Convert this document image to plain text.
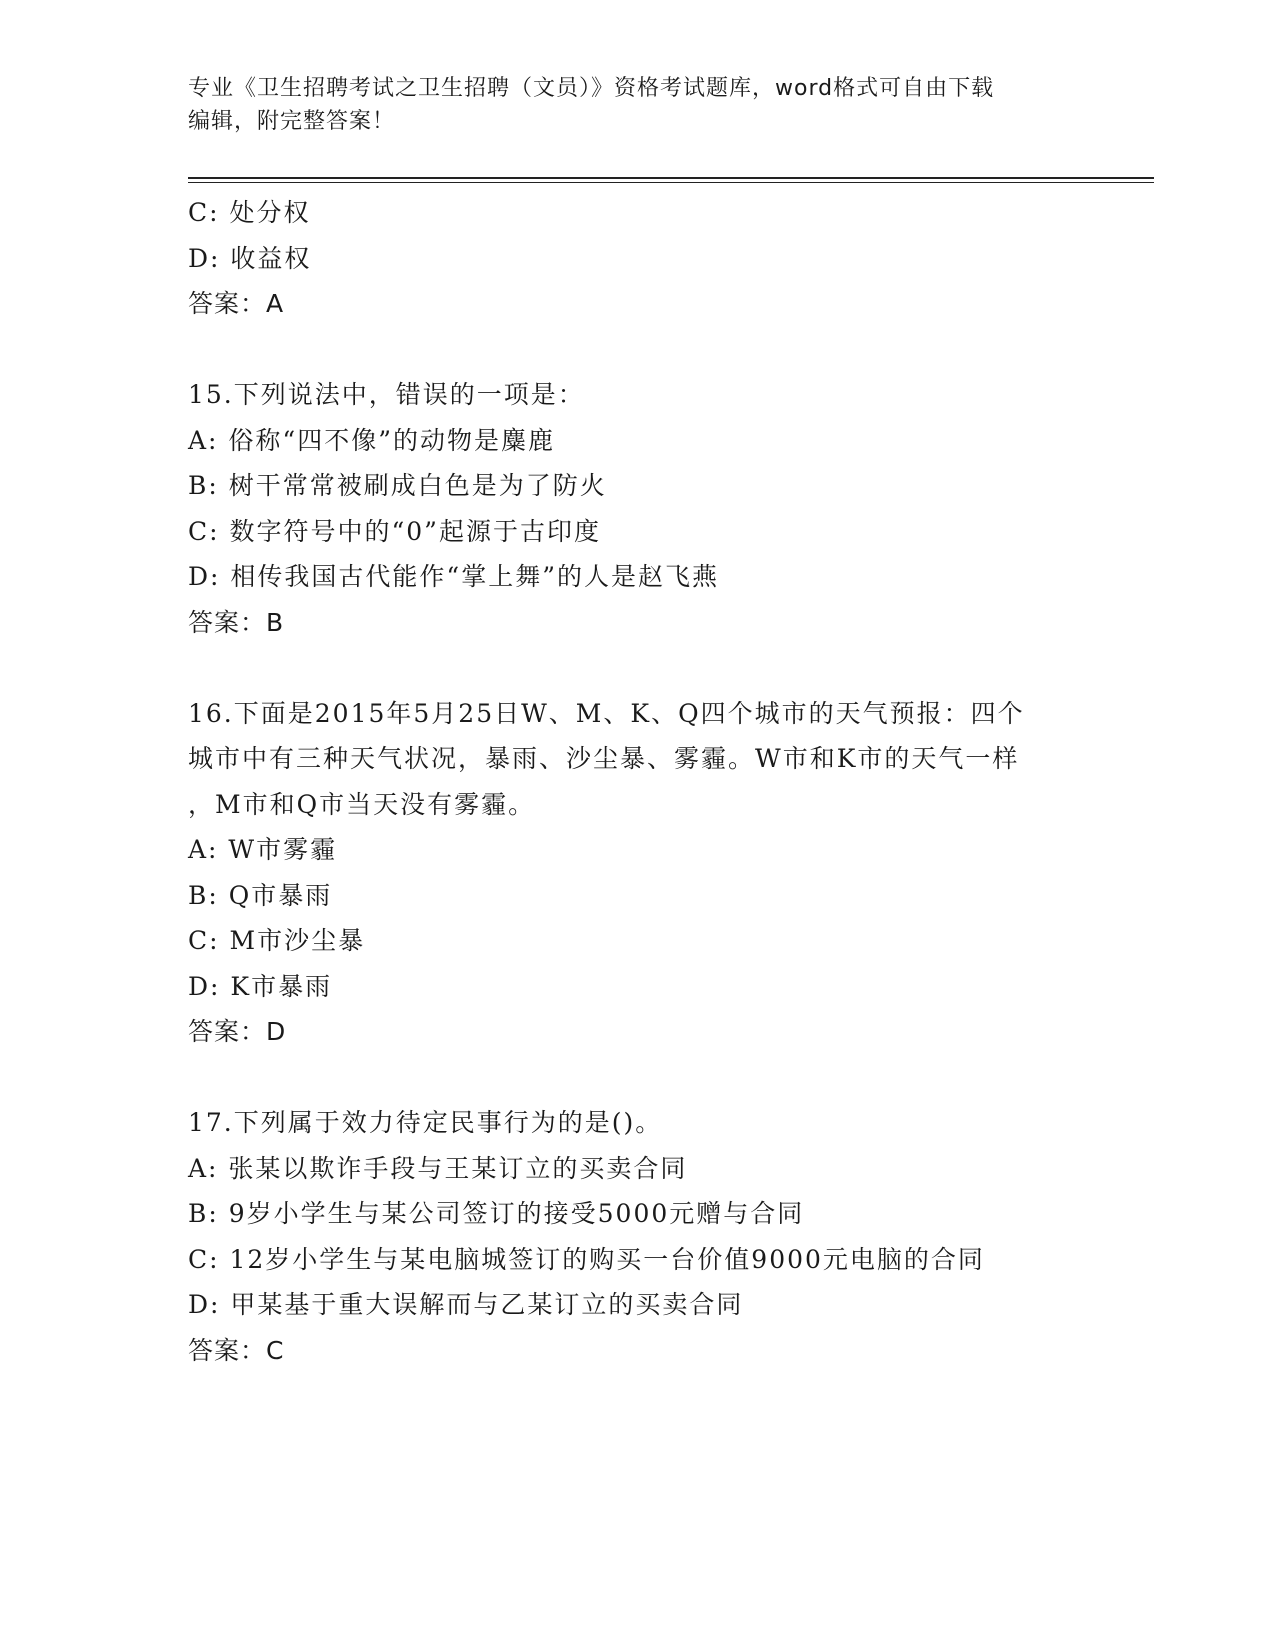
专业《卫生招聘考试之卫生招聘（文员）》资格考试题库，word格式可自由下载
编辑，附完整答案！
C: 处分权
D: 收益权
答案：A
15.下列说法中，错误的一项是：
A: 俗称“四不像”的动物是麋鹿
B: 树干常常被刷成白色是为了防火
C: 数字符号中的“0”起源于古印度
D: 相传我国古代能作“掌上舞”的人是赵飞燕
答案：B
16.下面是2015年5月25日W、M、K、Q四个城市的天气预报：四个
城市中有三种天气状况，暴雨、沙尘暴、雾霾。W市和K市的天气一样
，M市和Q市当天没有雾霾。
A: W市雾霾
B: Q市暴雨
C: M市沙尘暴
D: K市暴雨
答案：D
17.下列属于效力待定民事行为的是()。
A: 张某以欺诈手段与王某订立的买卖合同
B: 9岁小学生与某公司签订的接受5000元赠与合同
C: 12岁小学生与某电脑城签订的购买一台价值9000元电脑的合同
D: 甲某基于重大误解而与乙某订立的买卖合同
答案：C
